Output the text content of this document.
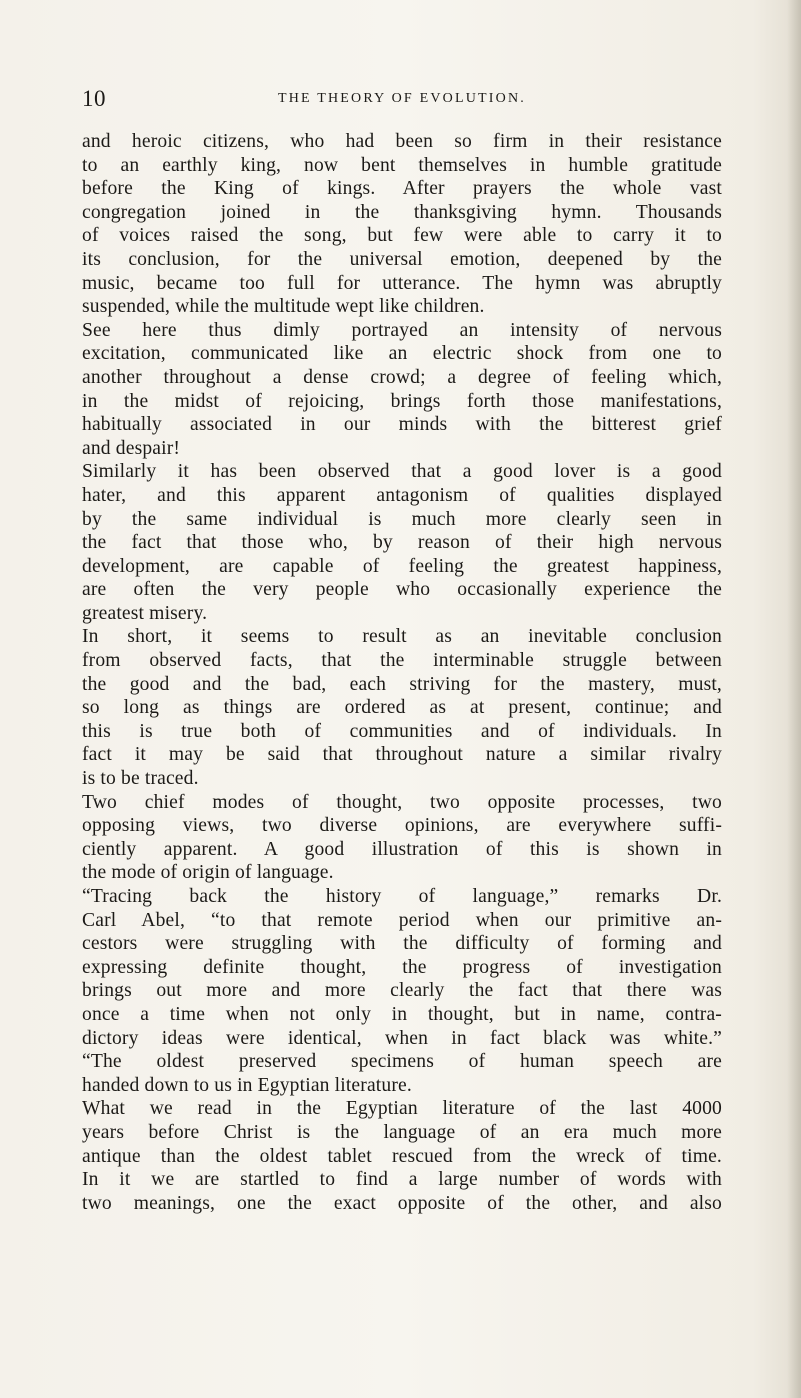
10	THE THEORY OF EVOLUTION.
and heroic citizens, who had been so firm in their resistance
to an earthly king, now bent themselves in humble gratitude
before the King of kings. After prayers the whole vast
congregation joined in the thanksgiving hymn. Thousands
of voices raised the song, but few were able to carry it to
its conclusion, for the universal emotion, deepened by the
music, became too full for utterance. The hymn was abruptly
suspended, while the multitude wept like children.
See here thus dimly portrayed an intensity of nervous
excitation, communicated like an electric shock from one to
another throughout a dense crowd; a degree of feeling which,
in the midst of rejoicing, brings forth those manifestations,
habitually associated in our minds with the bitterest grief
and despair!
Similarly it has been observed that a good lover is a good
hater, and this apparent antagonism of qualities displayed
by the same individual is much more clearly seen in
the fact that those who, by reason of their high nervous
development, are capable of feeling the greatest happiness,
are often the very people who occasionally experience the
greatest misery.
In short, it seems to result as an inevitable conclusion
from observed facts, that the interminable struggle between
the good and the bad, each striving for the mastery, must,
so long as things are ordered as at present, continue; and
this is true both of communities and of individuals. In
fact it may be said that throughout nature a similar rivalry
is to be traced.
Two chief modes of thought, two opposite processes, two
opposing views, two diverse opinions, are everywhere suffi-
ciently apparent. A good illustration of this is shown in
the mode of origin of language.
“Tracing back the history of language,” remarks Dr.
Carl Abel, “to that remote period when our primitive an-
cestors were struggling with the difficulty of forming and
expressing definite thought, the progress of investigation
brings out more and more clearly the fact that there was
once a time when not only in thought, but in name, contra-
dictory ideas were identical, when in fact black was white.”
“The oldest preserved specimens of human speech are
handed down to us in Egyptian literature.
What we read in the Egyptian literature of the last 4000
years before Christ is the language of an era much more
antique than the oldest tablet rescued from the wreck of time.
In it we are startled to find a large number of words with
two meanings, one the exact opposite of the other, and also
